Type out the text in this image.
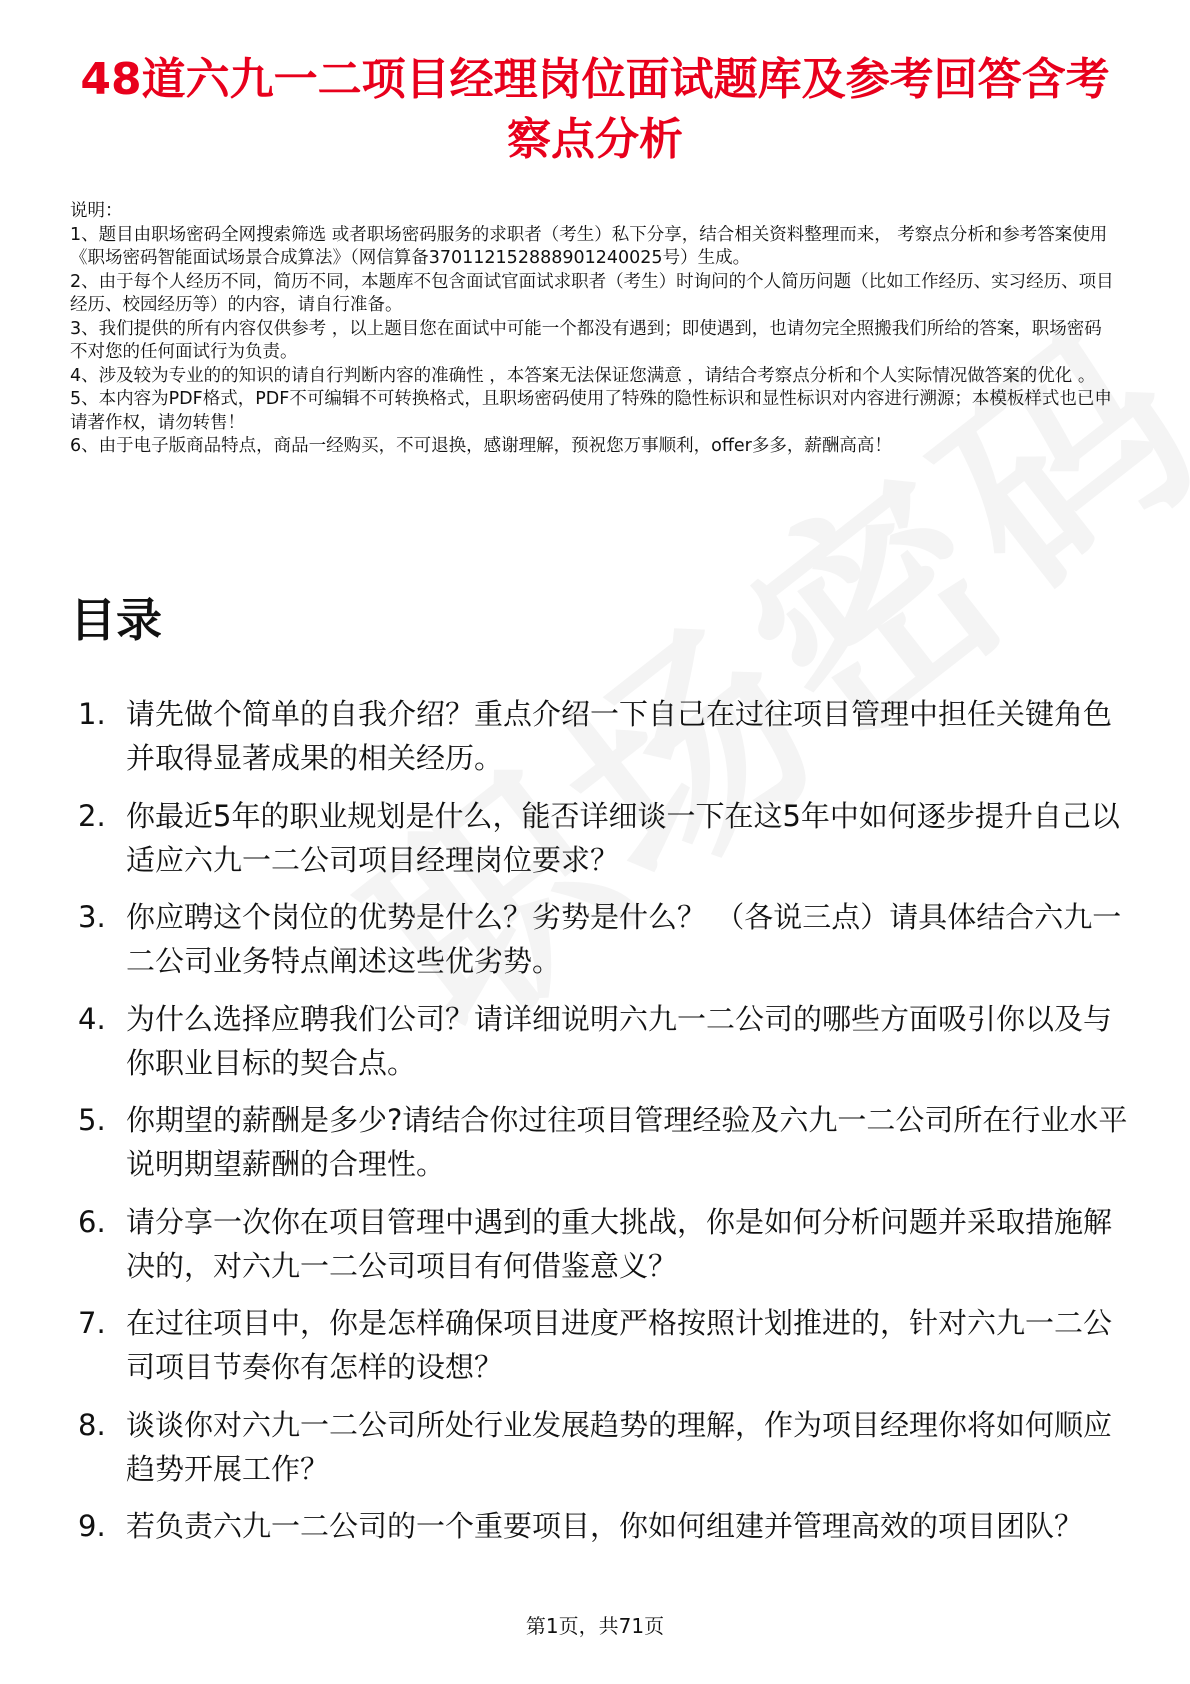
48道六九一二项目经理岗位面试题库及参考回答含考察点分析

说明：

1、题目由职场密码全网搜索筛选 或者职场密码服务的求职者（考生）私下分享，结合相关资料整理而来， 考察点分析和参考答案使用《职场密码智能面试场景合成算法》（网信算备370112152888901240025号）生成。

2、由于每个人经历不同，简历不同，本题库不包含面试官面试求职者（考生）时询问的个人简历问题（比如工作经历、实习经历、项目经历、校园经历等）的内容，请自行准备。

3、我们提供的所有内容仅供参考 ，以上题目您在面试中可能一个都没有遇到；即使遇到，也请勿完全照搬我们所给的答案，职场密码不对您的任何面试行为负责。

4、涉及较为专业的的知识的请自行判断内容的准确性 ，本答案无法保证您满意 ，请结合考察点分析和个人实际情况做答案的优化 。

5、本内容为PDF格式，PDF不可编辑不可转换格式，且职场密码使用了特殊的隐性标识和显性标识对内容进行溯源；本模板样式也已申请著作权，请勿转售！

6、由于电子版商品特点，商品一经购买，不可退换，感谢理解，预祝您万事顺利，offer多多，薪酬高高！

目录
1. 请先做个简单的自我介绍？重点介绍一下自己在过往项目管理中担任关键角色并取得显著成果的相关经历。
2. 你最近5年的职业规划是什么，能否详细谈一下在这5年中如何逐步提升自己以适应六九一二公司项目经理岗位要求？
3. 你应聘这个岗位的优势是什么？劣势是什么？ （各说三点）请具体结合六九一二公司业务特点阐述这些优劣势。
4. 为什么选择应聘我们公司？请详细说明六九一二公司的哪些方面吸引你以及与你职业目标的契合点。
5. 你期望的薪酬是多少?请结合你过往项目管理经验及六九一二公司所在行业水平说明期望薪酬的合理性。
6. 请分享一次你在项目管理中遇到的重大挑战，你是如何分析问题并采取措施解决的，对六九一二公司项目有何借鉴意义？
7. 在过往项目中，你是怎样确保项目进度严格按照计划推进的，针对六九一二公司项目节奏你有怎样的设想？
8. 谈谈你对六九一二公司所处行业发展趋势的理解，作为项目经理你将如何顺应趋势开展工作？
9. 若负责六九一二公司的一个重要项目，你如何组建并管理高效的项目团队？
第1页，共71页
